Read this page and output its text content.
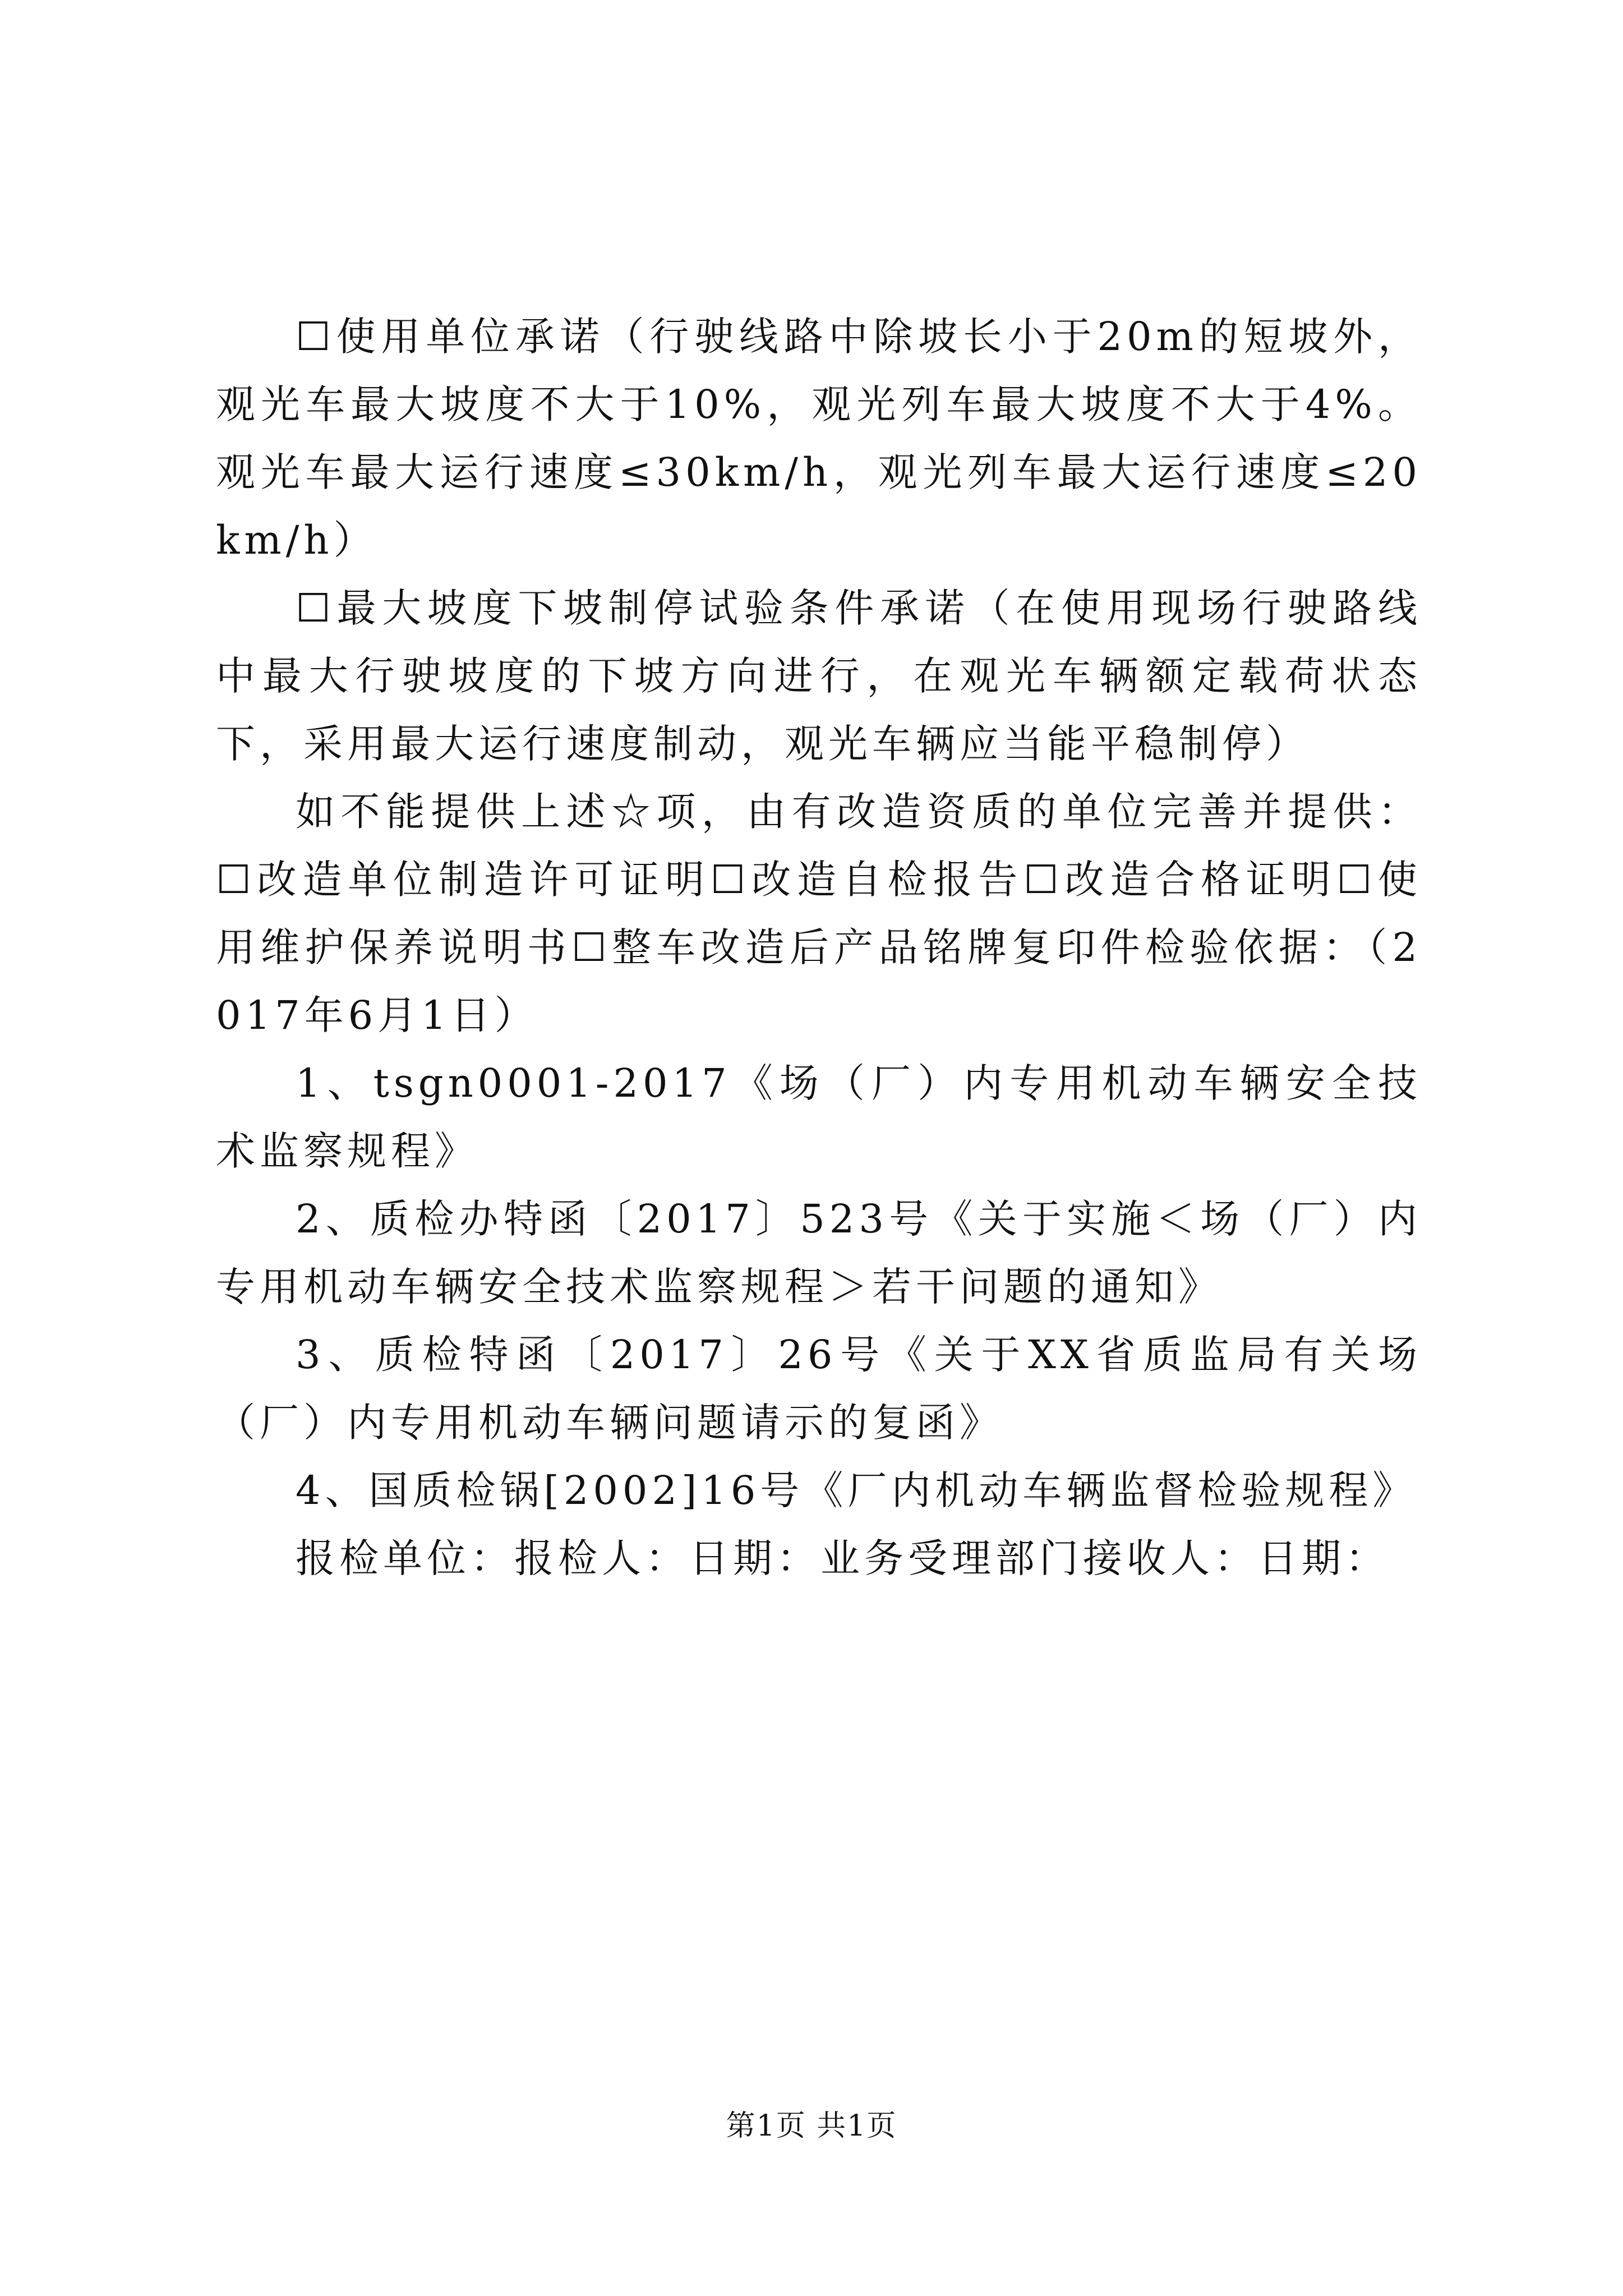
☐使用单位承诺（行驶线路中除坡长小于20m的短坡外，观光车最大坡度不大于10%，观光列车最大坡度不大于4%。观光车最大运行速度≤30km/h，观光列车最大运行速度≤20km/h）

☐最大坡度下坡制停试验条件承诺（在使用现场行驶路线中最大行驶坡度的下坡方向进行，在观光车辆额定载荷状态下，采用最大运行速度制动，观光车辆应当能平稳制停）

如不能提供上述☆项，由有改造资质的单位完善并提供：☐改造单位制造许可证明☐改造自检报告☐改造合格证明☐使用维护保养说明书☐整车改造后产品铭牌复印件检验依据：（2017年6月1日）

1、tsgn0001-2017《场（厂）内专用机动车辆安全技术监察规程》

2、质检办特函〔2017〕523号《关于实施＜场（厂）内专用机动车辆安全技术监察规程＞若干问题的通知》

3、质检特函〔2017〕26号《关于XX省质监局有关场（厂）内专用机动车辆问题请示的复函》

4、国质检锅[2002]16号《厂内机动车辆监督检验规程》

报检单位：报检人：日期：业务受理部门接收人：日期：

第1页 共1页
